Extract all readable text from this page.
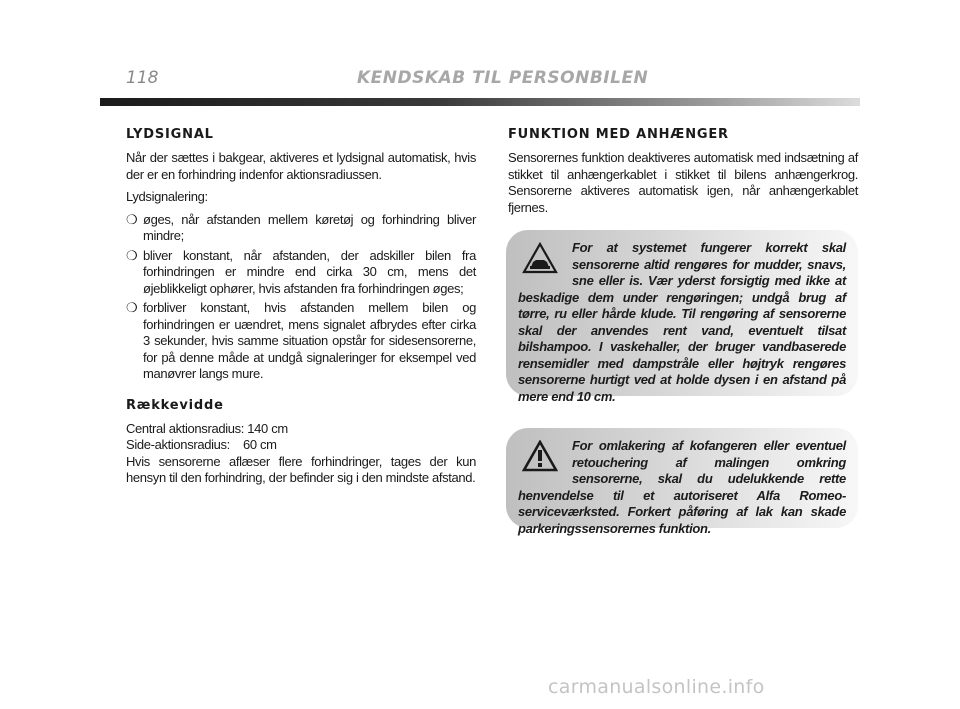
118	KENDSKAB TIL PERSONBILEN
LYDSIGNAL

Når der sættes i bakgear, aktiveres et lydsignal automatisk, hvis der er en forhindring indenfor aktionsradiussen.

Lydsignalering:

❍ øges, når afstanden mellem køretøj og forhindring bliver mindre;
❍ bliver konstant, når afstanden, der adskiller bilen fra forhindringen er mindre end cirka 30 cm, mens det øjeblikkeligt ophører, hvis afstanden fra forhindringen øges;
❍ forbliver konstant, hvis afstanden mellem bilen og forhindringen er uændret, mens signalet afbrydes efter cirka 3 sekunder, hvis samme situation opstår for sidesensorerne, for på denne måde at undgå signaleringer for eksempel ved manøvrer langs mure.
Rækkevidde

Central aktionsradius: 140 cm

Side-aktionsradius: 60 cm

Hvis sensorerne aflæser flere forhindringer, tages der kun hensyn til den forhindring, der befinder sig i den mindste afstand.

FUNKTION MED ANHÆNGER

Sensorernes funktion deaktiveres automatisk med indsætning af stikket til anhængerkablet i stikket til bilens anhængerkrog. Sensorerne aktiveres automatisk igen, når anhængerkablet fjernes.

For at systemet fungerer korrekt skal sensorerne altid rengøres for mudder, snavs, sne eller is. Vær yderst forsigtig med ikke at beskadige dem under rengøringen; undgå brug af tørre, ru eller hårde klude. Til rengøring af sensorerne skal der anvendes rent vand, eventuelt tilsat bilshampoo. I vaskehaller, der bruger vandbaserede rensemidler med dampstråle eller højtryk rengøres sensorerne hurtigt ved at holde dysen i en afstand på mere end 10 cm.

For omlakering af kofangeren eller eventuel retouchering af malingen omkring sensorerne, skal du udelukkende rette henvendelse til et autoriseret Alfa Romeo-serviceværksted. Forkert påføring af lak kan skade parkeringssensorernes funktion.

carmanualsonline.info
